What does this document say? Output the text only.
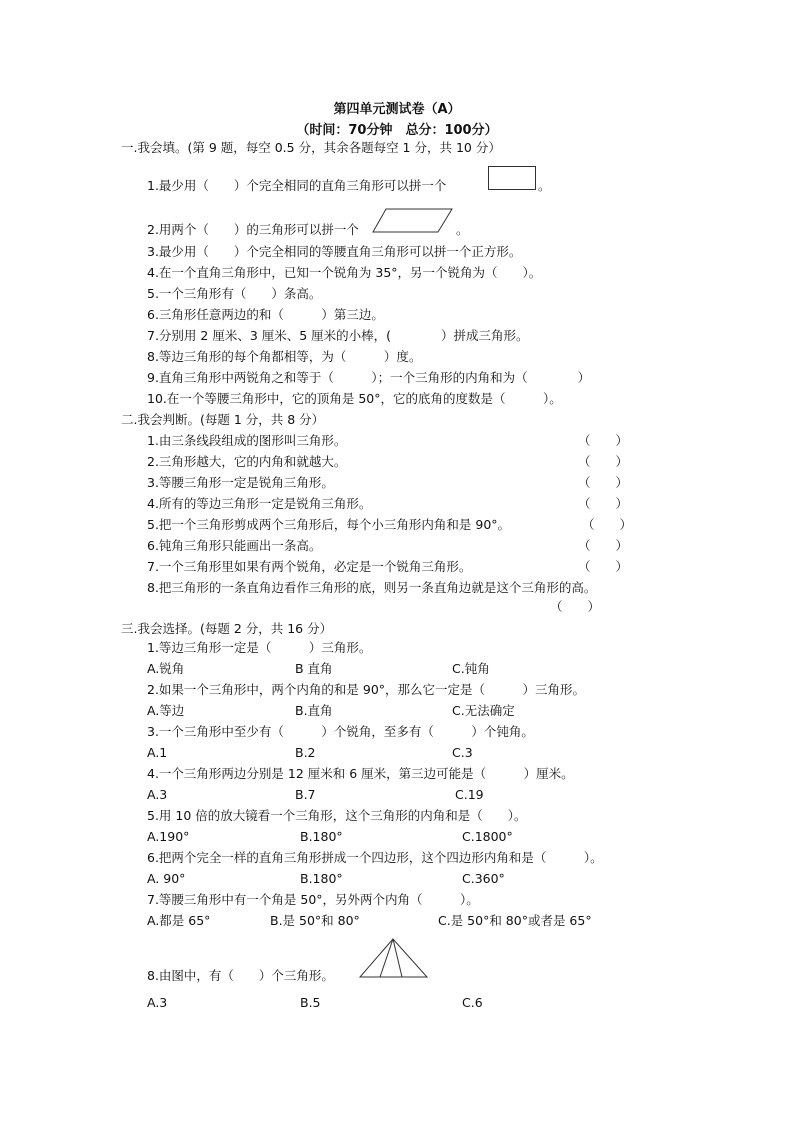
第四单元测试卷（A）
（时间：70分钟　总分：100分）
一.我会填。(第 9 题，每空 0.5 分，其余各题每空 1 分，共 10 分）
1.最少用（　　）个完全相同的直角三角形可以拼一个	。
2.用两个（　　）的三角形可以拼一个	。
3.最少用（　　）个完全相同的等腰直角三角形可以拼一个正方形。
4.在一个直角三角形中，已知一个锐角为 35°，另一个锐角为（　　）。
5.一个三角形有（　　）条高。
6.三角形任意两边的和（　　　）第三边。
7.分别用 2 厘米、3 厘米、5 厘米的小棒，(　　　　）拼成三角形。
8.等边三角形的每个角都相等，为（　　　）度。
9.直角三角形中两锐角之和等于（　　　）；一个三角形的内角和为（　　　　）
10.在一个等腰三角形中，它的顶角是 50°，它的底角的度数是（　　　）。
二.我会判断。(每题 1 分，共 8 分）
1.由三条线段组成的图形叫三角形。	（　　）
2.三角形越大，它的内角和就越大。	（　　）
3.等腰三角形一定是锐角三角形。	（　　）
4.所有的等边三角形一定是锐角三角形。	（　　）
5.把一个三角形剪成两个三角形后，每个小三角形内角和是 90°。	（　　）
6.钝角三角形只能画出一条高。	（　　）
7.一个三角形里如果有两个锐角，必定是一个锐角三角形。	（　　）
8.把三角形的一条直角边看作三角形的底，则另一条直角边就是这个三角形的高。
（　　）
三.我会选择。(每题 2 分，共 16 分）
1.等边三角形一定是（　　　）三角形。
A.锐角	B 直角	C.钝角
2.如果一个三角形中，两个内角的和是 90°，那么它一定是（　　　）三角形。
A.等边	B.直角	C.无法确定
3.一个三角形中至少有（　　　）个锐角，至多有（　　　）个钝角。
A.1	B.2	C.3
4.一个三角形两边分别是 12 厘米和 6 厘米，第三边可能是（　　　）厘米。
A.3	B.7	C.19
5.用 10 倍的放大镜看一个三角形，这个三角形的内角和是（　　）。
A.190°	B.180°	C.1800°
6.把两个完全一样的直角三角形拼成一个四边形，这个四边形内角和是（　　　）。
A. 90°	B.180°	C.360°
7.等腰三角形中有一个角是 50°，另外两个内角（　　　）。
A.都是 65°	B.是 50°和 80°	C.是 50°和 80°或者是 65°
8.由图中，有（　　）个三角形。
A.3	B.5	C.6
